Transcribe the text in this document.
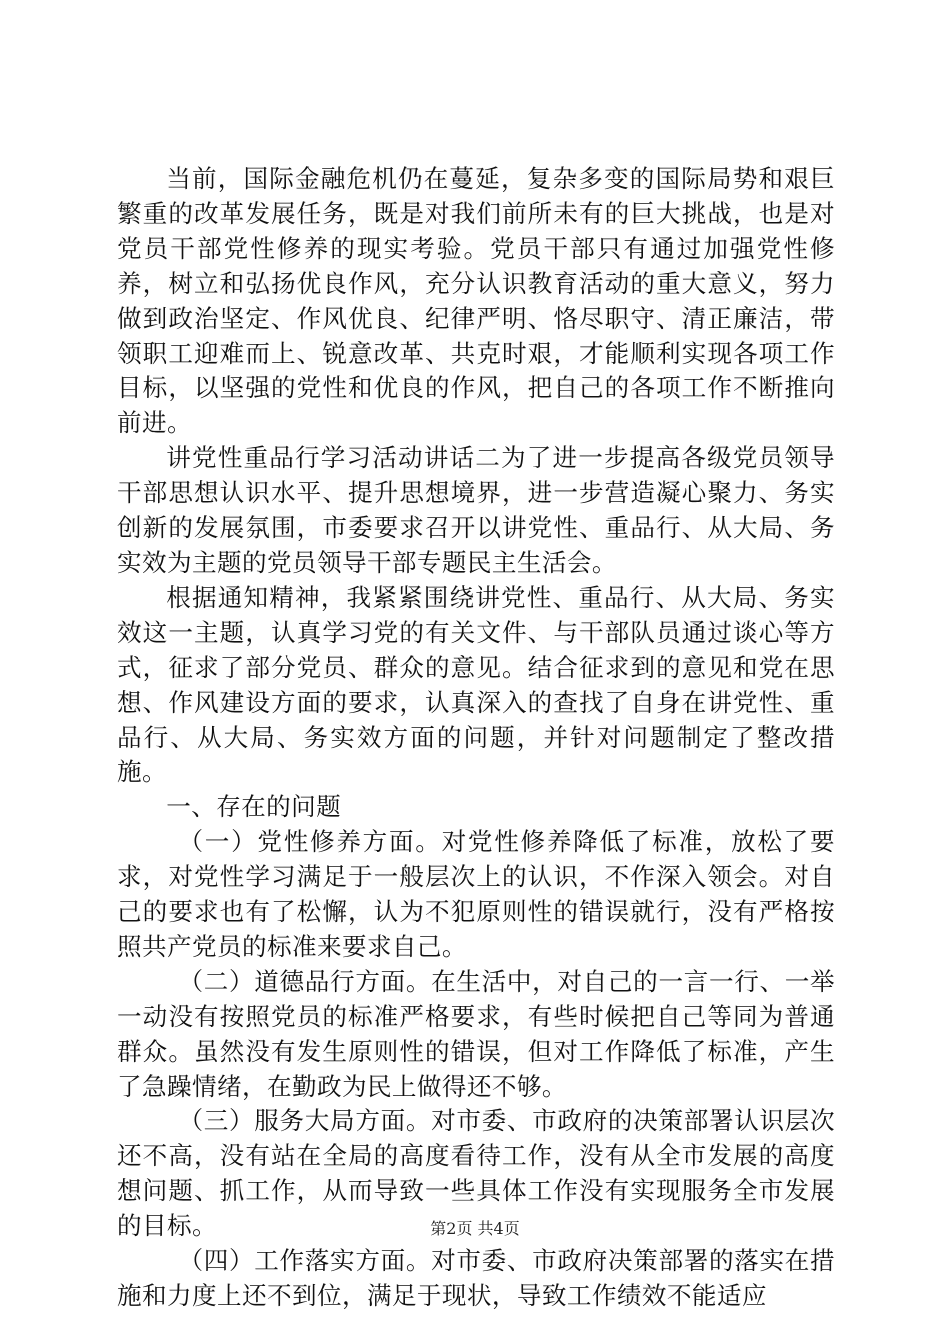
当前，国际金融危机仍在蔓延，复杂多变的国际局势和艰巨繁重的改革发展任务，既是对我们前所未有的巨大挑战，也是对党员干部党性修养的现实考验。党员干部只有通过加强党性修养，树立和弘扬优良作风，充分认识教育活动的重大意义，努力做到政治坚定、作风优良、纪律严明、恪尽职守、清正廉洁，带领职工迎难而上、锐意改革、共克时艰，才能顺利实现各项工作目标，以坚强的党性和优良的作风，把自己的各项工作不断推向前进。

讲党性重品行学习活动讲话二为了进一步提高各级党员领导干部思想认识水平、提升思想境界，进一步营造凝心聚力、务实创新的发展氛围，市委要求召开以讲党性、重品行、从大局、务实效为主题的党员领导干部专题民主生活会。

根据通知精神，我紧紧围绕讲党性、重品行、从大局、务实效这一主题，认真学习党的有关文件、与干部队员通过谈心等方式，征求了部分党员、群众的意见。结合征求到的意见和党在思想、作风建设方面的要求，认真深入的查找了自身在讲党性、重品行、从大局、务实效方面的问题，并针对问题制定了整改措施。

一、存在的问题

（一）党性修养方面。对党性修养降低了标准，放松了要求，对党性学习满足于一般层次上的认识，不作深入领会。对自己的要求也有了松懈，认为不犯原则性的错误就行，没有严格按照共产党员的标准来要求自己。

（二）道德品行方面。在生活中，对自己的一言一行、一举一动没有按照党员的标准严格要求，有些时候把自己等同为普通群众。虽然没有发生原则性的错误，但对工作降低了标准，产生了急躁情绪，在勤政为民上做得还不够。

（三）服务大局方面。对市委、市政府的决策部署认识层次还不高，没有站在全局的高度看待工作，没有从全市发展的高度想问题、抓工作，从而导致一些具体工作没有实现服务全市发展的目标。

（四）工作落实方面。对市委、市政府决策部署的落实在措施和力度上还不到位，满足于现状，导致工作绩效不能适应

第2页 共4页
